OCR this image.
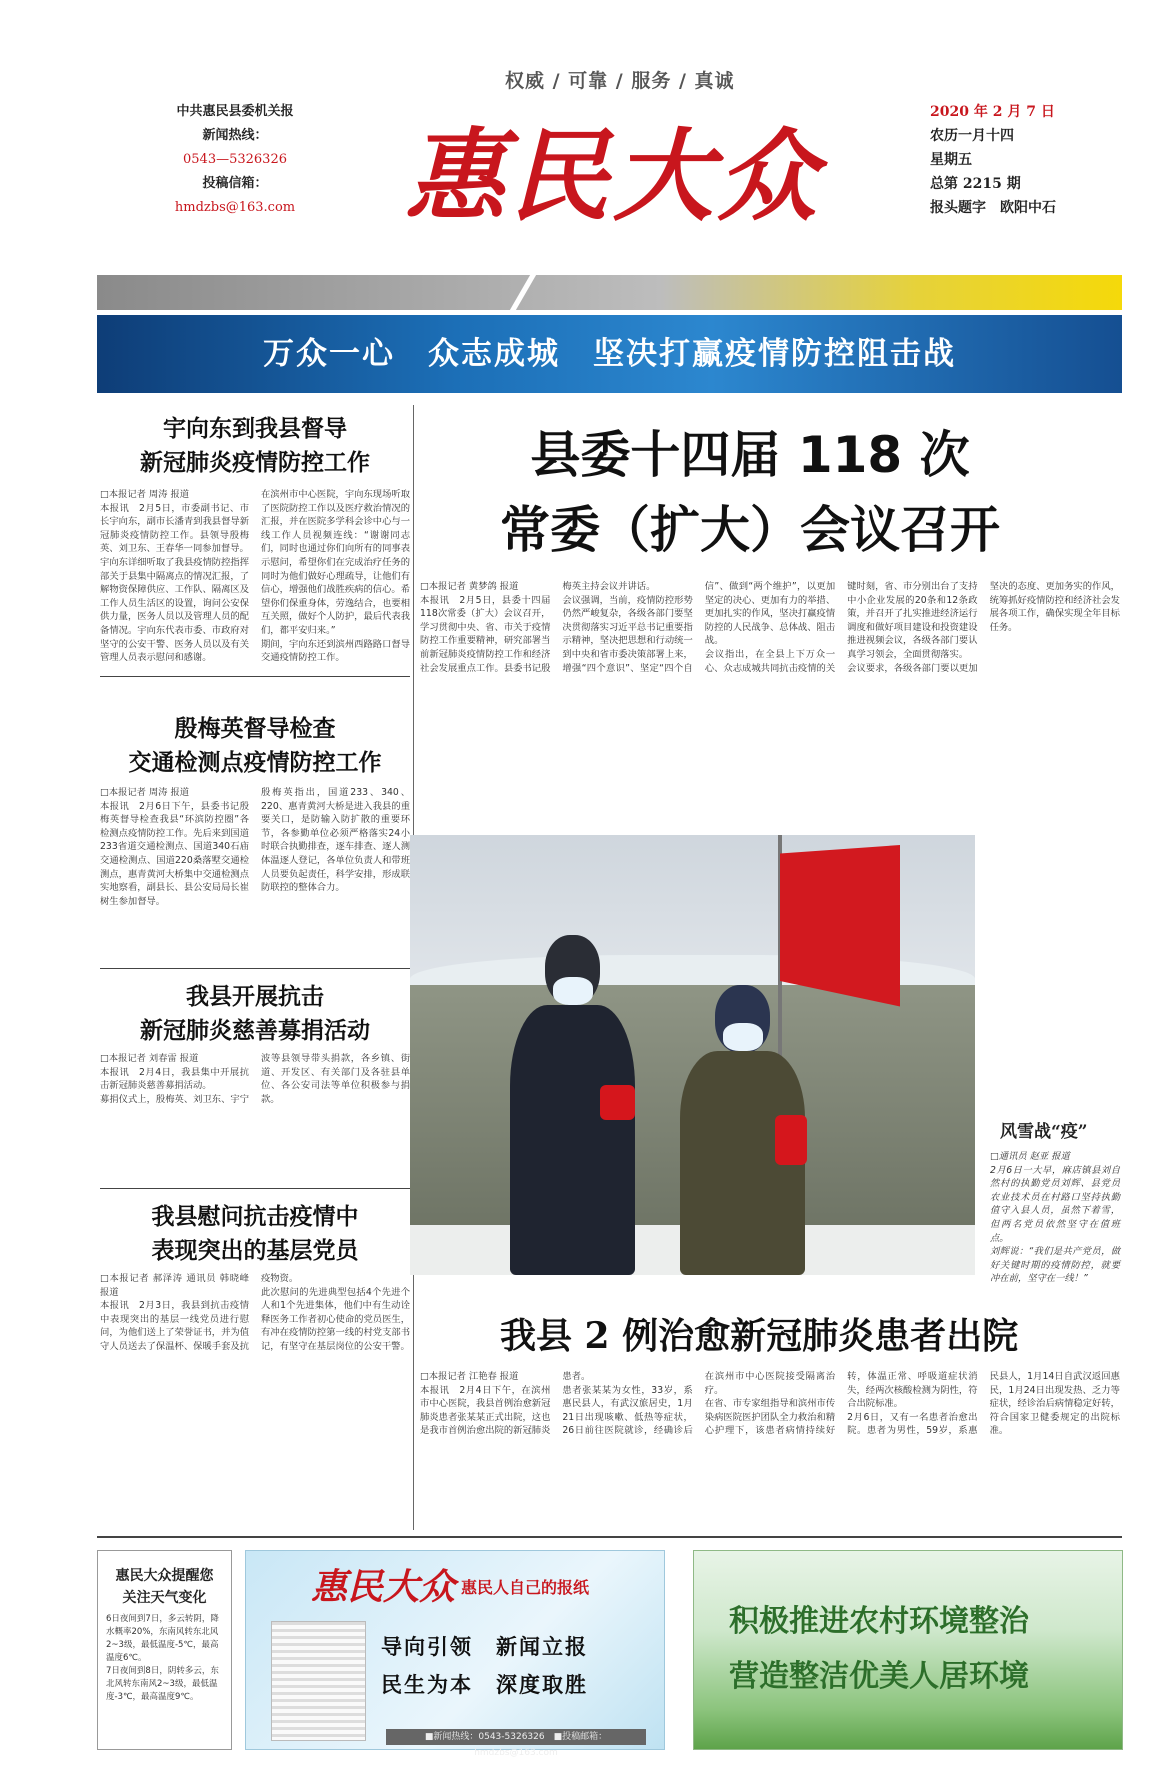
权威 / 可靠 / 服务 / 真诚
中共惠民县委机关报
新闻热线：
0543—5326326
投稿信箱：
hmdzbs@163.com 惠民大众
2020 年 2 月 7 日
农历一月十四
星期五
总第 2215 期
报头题字　欧阳中石
万众一心　众志成城　坚决打赢疫情防控阻击战
宇向东到我县督导
新冠肺炎疫情防控工作
□本报记者 周涛 报道
本报讯　2月5日，市委副书记、市长宇向东，副市长潘青到我县督导新冠肺炎疫情防控工作。县领导殷梅英、刘卫东、王春华一同参加督导。
宇向东详细听取了我县疫情防控指挥部关于县集中隔离点的情况汇报，了解物资保障供应、工作队、隔离区及工作人员生活区的设置，询问公安保供力量，医务人员以及管理人员的配备情况。宇向东代表市委、市政府对坚守的公安干警、医务人员以及有关管理人员表示慰问和感谢。
在滨州市中心医院，宇向东现场听取了医院防控工作以及医疗救治情况的汇报，并在医院多学科会诊中心与一线工作人员视频连线：“谢谢同志们，同时也通过你们向所有的同事表示慰问，希望你们在完成治疗任务的同时为他们做好心理疏导，让他们有信心，增强他们战胜疾病的信心。希望你们保重身体，劳逸结合，也要相互关照，做好个人防护，最后代表我们，都平安归来。”
期间，宇向东还到滨州西路路口督导交通疫情防控工作。
殷梅英督导检查
交通检测点疫情防控工作
□本报记者 周涛 报道
本报讯　2月6日下午，县委书记殷梅英督导检查我县“环滨防控圈”各检测点疫情防控工作。先后来到国道233省道交通检测点、国道340石庙交通检测点、国道220桑落墅交通检测点，惠青黄河大桥集中交通检测点实地察看，副县长、县公安局局长崔树生参加督导。
殷梅英指出，国道233、340、220、惠青黄河大桥是进入我县的重要关口，是防输入防扩散的重要环节，各参勤单位必须严格落实24小时联合执勤排查，逐车排查、逐人测体温逐人登记，各单位负责人和带班人员要负起责任，科学安排，形成联防联控的整体合力。
我县开展抗击
新冠肺炎慈善募捐活动
□本报记者 刘春雷 报道
本报讯　2月4日，我县集中开展抗击新冠肺炎慈善募捐活动。
募捐仪式上，殷梅英、刘卫东、宇宁波等县领导带头捐款，各乡镇、街道、开发区、有关部门及各驻县单位、各公安司法等单位积极参与捐款。
我县慰问抗击疫情中
表现突出的基层党员
□本报记者 郝泽涛 通讯员 韩晓峰 报道
本报讯　2月3日，我县到抗击疫情中表现突出的基层一线党员进行慰问，为他们送上了荣誉证书，并为值守人员送去了保温杯、保暖手套及抗疫物资。
此次慰问的先进典型包括4个先进个人和1个先进集体，他们中有生动诠释医务工作者初心使命的党员医生，有冲在疫情防控第一线的村党支部书记，有坚守在基层岗位的公安干警。
县委十四届 118 次
常委（扩大）会议召开
□本报记者 黄梦鸽 报道
本报讯　2月5日，县委十四届118次常委（扩大）会议召开，学习贯彻中央、省、市关于疫情防控工作重要精神，研究部署当前新冠肺炎疫情防控工作和经济社会发展重点工作。县委书记殷梅英主持会议并讲话。
会议强调，当前，疫情防控形势仍然严峻复杂，各级各部门要坚决贯彻落实习近平总书记重要指示精神，坚决把思想和行动统一到中央和省市委决策部署上来，增强“四个意识”、坚定“四个自信”、做到“两个维护”，以更加坚定的决心、更加有力的举措、更加扎实的作风，坚决打赢疫情防控的人民战争、总体战、阻击战。
会议指出，在全县上下万众一心、众志成城共同抗击疫情的关键时刻，省、市分别出台了支持中小企业发展的20条和12条政策，并召开了扎实推进经济运行调度和做好项目建设和投资建设推进视频会议，各级各部门要认真学习领会，全面贯彻落实。
会议要求，各级各部门要以更加坚决的态度、更加务实的作风，统筹抓好疫情防控和经济社会发展各项工作，确保实现全年目标任务。
风雪战“疫”
□通讯员 赵亚 报道
2月6日一大早，麻店镇县刘自然村的执勤党员刘辉、县党员农业技术员在村路口坚持执勤值守入县人员，虽然下着雪，但两名党员依然坚守在值班点。
刘辉说：“我们是共产党员，做好关键时期的疫情防控，就要冲在前，坚守在一线！”
我县 2 例治愈新冠肺炎患者出院
□本报记者 江艳春 报道
本报讯　2月4日下午，在滨州市中心医院，我县首例治愈新冠肺炎患者张某某正式出院，这也是我市首例治愈出院的新冠肺炎患者。
患者张某某为女性，33岁，系惠民县人，有武汉旅居史，1月21日出现咳嗽、低热等症状，26日前往医院就诊，经确诊后在滨州市中心医院接受隔离治疗。
在省、市专家组指导和滨州市传染病医院医护团队全力救治和精心护理下，该患者病情持续好转，体温正常、呼吸道症状消失，经两次核酸检测为阴性，符合出院标准。
2月6日，又有一名患者治愈出院。患者为男性，59岁，系惠民县人，1月14日自武汉返回惠民，1月24日出现发热、乏力等症状，经诊治后病情稳定好转，符合国家卫健委规定的出院标准。
惠民大众提醒您
关注天气变化
6日夜间到7日，多云转阴，降水概率20%，东南风转东北风2~3级，最低温度-5℃，最高温度6℃。
7日夜间到8日，阴转多云，东北风转东南风2~3级，最低温度-3℃，最高温度9℃。
惠民大众 惠民人自己的报纸
导向引领　新闻立报
民生为本　深度取胜
■新闻热线：0543-5326326　■投稿邮箱：hmdzbs@163.com
积极推进农村环境整治
营造整洁优美人居环境
